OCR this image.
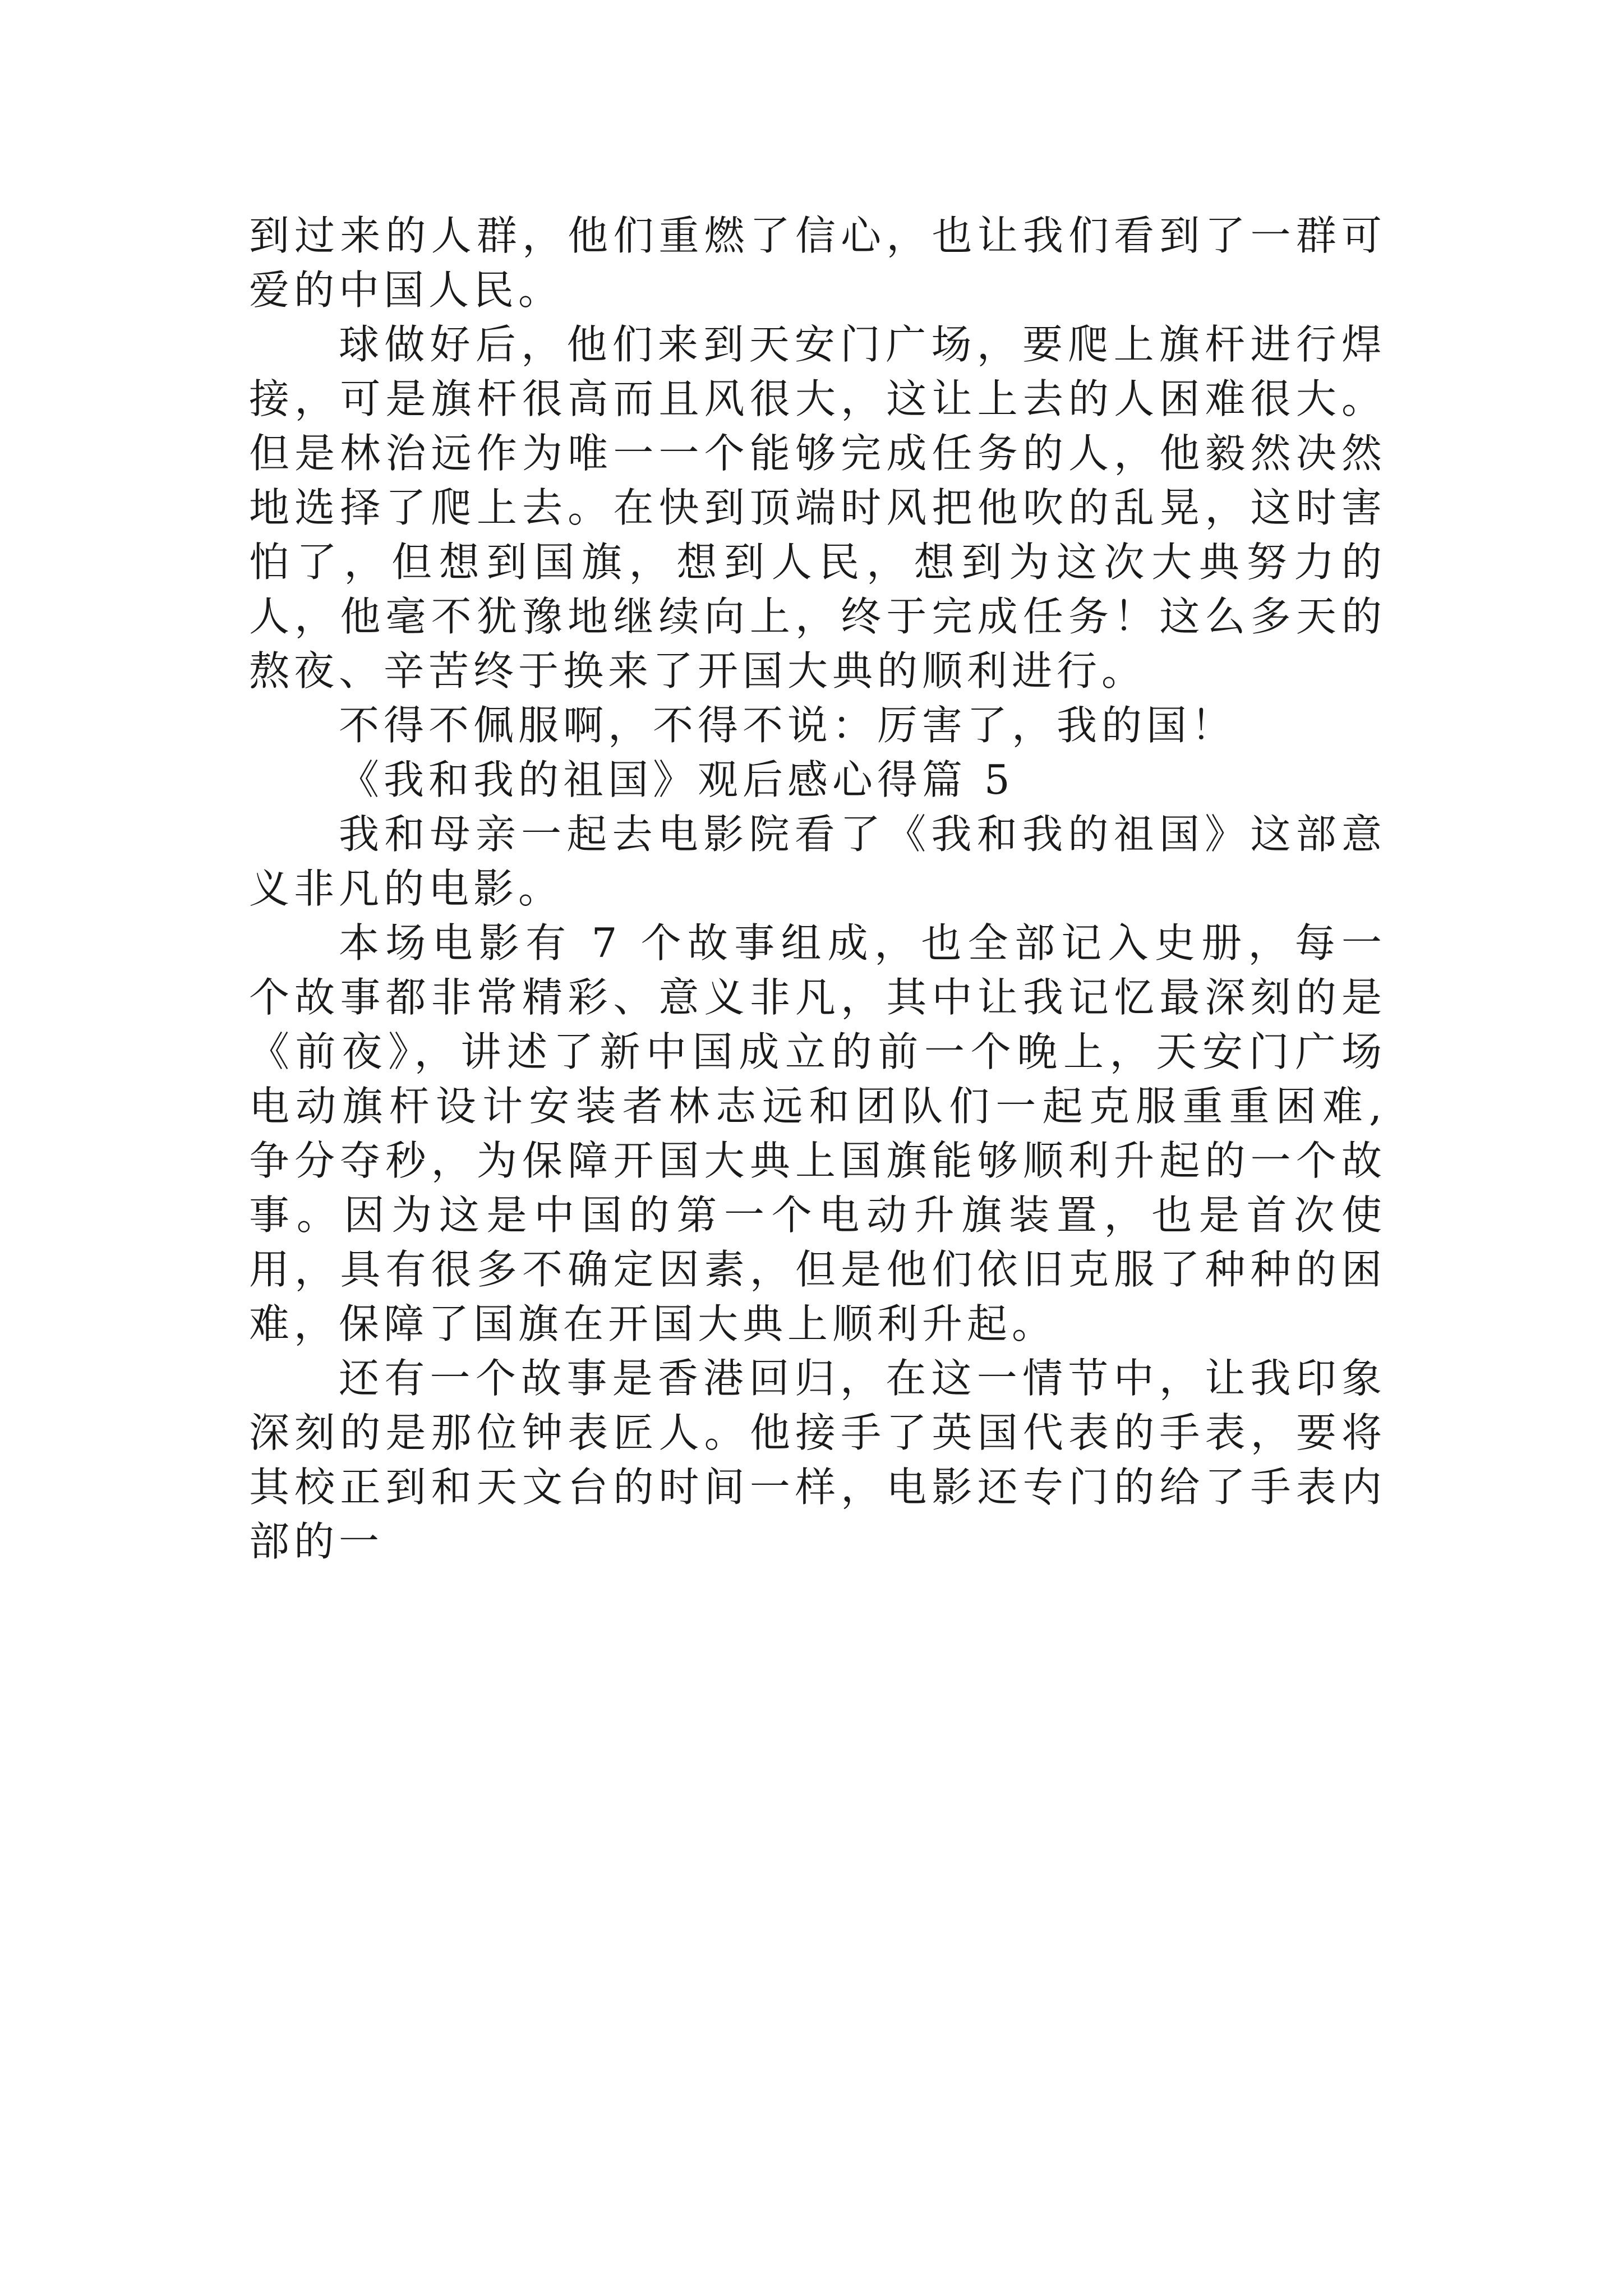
到过来的人群，他们重燃了信心，也让我们看到了一群可爱的中国人民。

球做好后，他们来到天安门广场，要爬上旗杆进行焊接，可是旗杆很高而且风很大，这让上去的人困难很大。但是林治远作为唯一一个能够完成任务的人，他毅然决然地选择了爬上去。在快到顶端时风把他吹的乱晃，这时害怕了，但想到国旗，想到人民，想到为这次大典努力的人，他毫不犹豫地继续向上，终于完成任务！这么多天的熬夜、辛苦终于换来了开国大典的顺利进行。

不得不佩服啊，不得不说：厉害了，我的国！

《我和我的祖国》观后感心得篇 5

我和母亲一起去电影院看了《我和我的祖国》这部意义非凡的电影。

本场电影有 7 个故事组成，也全部记入史册，每一个故事都非常精彩、意义非凡，其中让我记忆最深刻的是《前夜》，讲述了新中国成立的前一个晚上，天安门广场电动旗杆设计安装者林志远和团队们一起克服重重困难,争分夺秒，为保障开国大典上国旗能够顺利升起的一个故事。因为这是中国的第一个电动升旗装置，也是首次使用，具有很多不确定因素，但是他们依旧克服了种种的困难，保障了国旗在开国大典上顺利升起。

还有一个故事是香港回归，在这一情节中，让我印象深刻的是那位钟表匠人。他接手了英国代表的手表，要将其校正到和天文台的时间一样，电影还专门的给了手表内部的一
